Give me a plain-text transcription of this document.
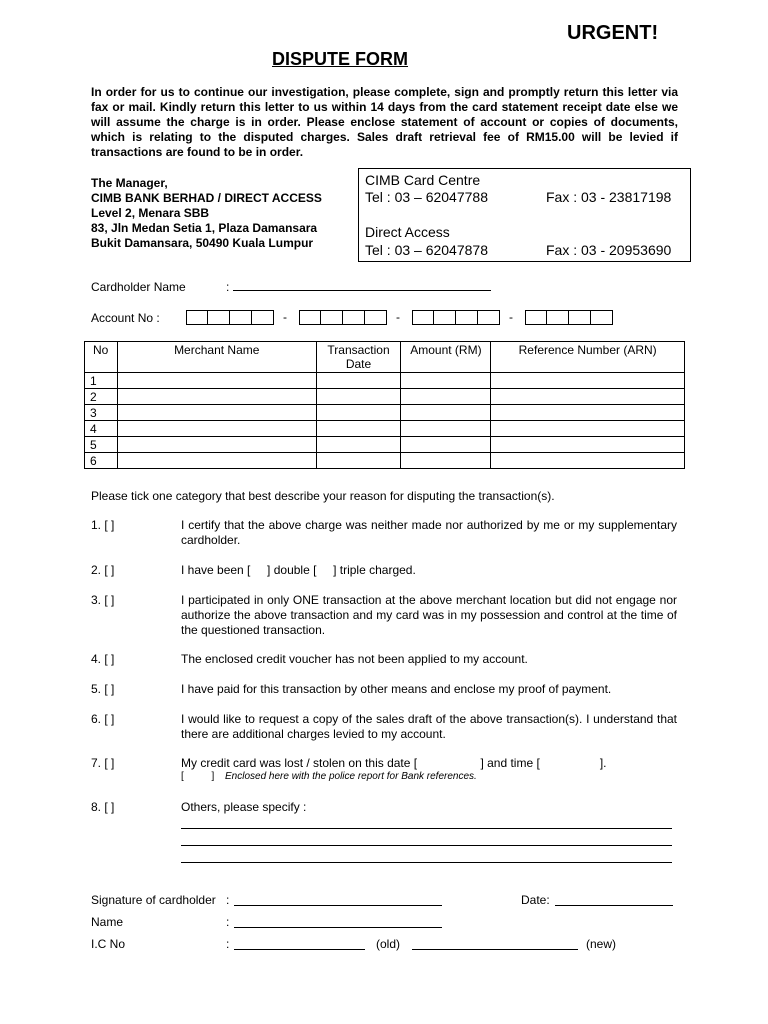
URGENT!
DISPUTE FORM
In order for us to continue our investigation, please complete, sign and promptly return this letter via fax or mail. Kindly return this letter to us within 14 days from the card statement receipt date else we will assume the charge is in order. Please enclose statement of account or copies of documents, which is relating to the disputed charges. Sales draft retrieval fee of RM15.00 will be levied if transactions are found to be in order.
The Manager,
CIMB BANK BERHAD / DIRECT ACCESS
Level 2, Menara SBB
83, Jln Medan Setia 1, Plaza Damansara
Bukit Damansara, 50490 Kuala Lumpur
CIMB Card Centre
Tel : 03 – 62047788	Fax : 03 - 23817198
Direct Access
Tel : 03 – 62047878	Fax : 03 - 20953690
Cardholder Name	:
Account No :	-	-	-
No	Merchant Name	Transaction Date	Amount (RM)	Reference Number (ARN)
1				
2				
3				
4				
5				
6				
Please tick one category that best describe your reason for disputing the transaction(s).
1. [ ]	I certify that the above charge was neither made nor authorized by me or my supplementary cardholder.
2. [ ]	I have been [     ] double [     ] triple charged.
3. [ ]	I participated in only ONE transaction at the above merchant location but did not engage nor authorize the above transaction and my card was in my possession and control at the time of the questioned transaction.
4. [ ]	The enclosed credit voucher has not been applied to my account.
5. [ ]	I have paid for this transaction by other means and enclose my proof of payment.
6. [ ]	I would like to request a copy of the sales draft of the above transaction(s). I understand that there are additional charges levied to my account.
7. [ ]	My credit card was lost / stolen on this date [                   ] and time [                  ].
[          ] Enclosed here with the police report for Bank references.
8. [ ]	Others, please specify :
Signature of cardholder :	Date:
Name	:
I.C No	:	(old)	(new)
